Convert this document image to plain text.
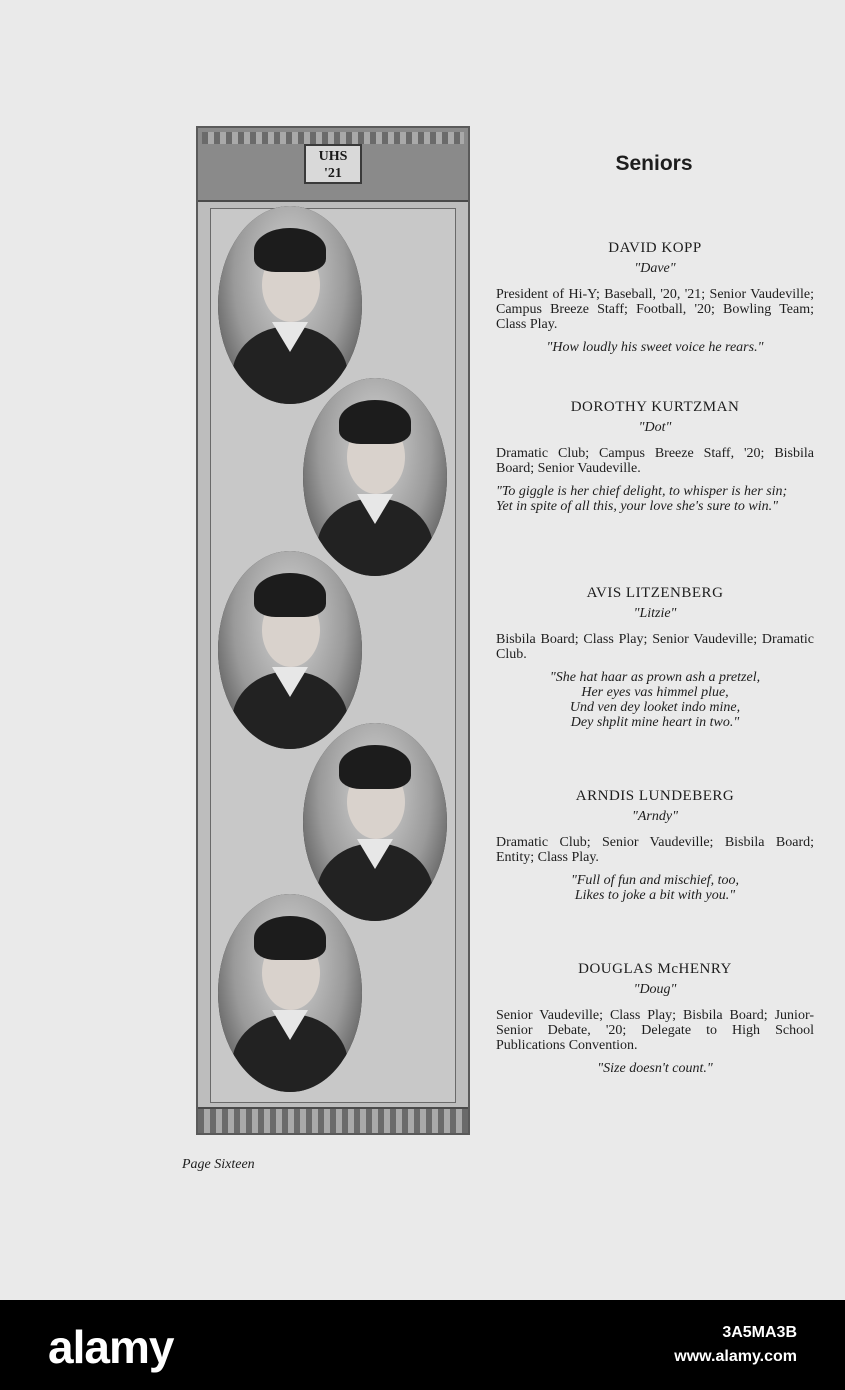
UHS
'21	Seniors
DAVID KOPP
"Dave"
President of Hi-Y; Baseball, '20, '21; Senior Vaudeville; Campus Breeze Staff; Football, '20; Bowling Team; Class Play.
"How loudly his sweet voice he rears."
DOROTHY KURTZMAN
"Dot"
Dramatic Club; Campus Breeze Staff, '20; Bisbila Board; Senior Vaudeville.
"To giggle is her chief delight, to whisper is her sin;
Yet in spite of all this, your love she's sure to win."
AVIS LITZENBERG
"Litzie"
Bisbila Board; Class Play; Senior Vaudeville; Dramatic Club.
"She hat haar as prown ash a pretzel,
Her eyes vas himmel plue,
Und ven dey looket indo mine,
Dey shplit mine heart in two."
ARNDIS LUNDEBERG
"Arndy"
Dramatic Club; Senior Vaudeville; Bisbila Board; Entity; Class Play.
"Full of fun and mischief, too,
Likes to joke a bit with you."
DOUGLAS McHENRY
"Doug"
Senior Vaudeville; Class Play; Bisbila Board; Junior-Senior Debate, '20; Delegate to High School Publications Convention.
"Size doesn't count."
Page Sixteen
alamy	3A5MA3B
www.alamy.com
